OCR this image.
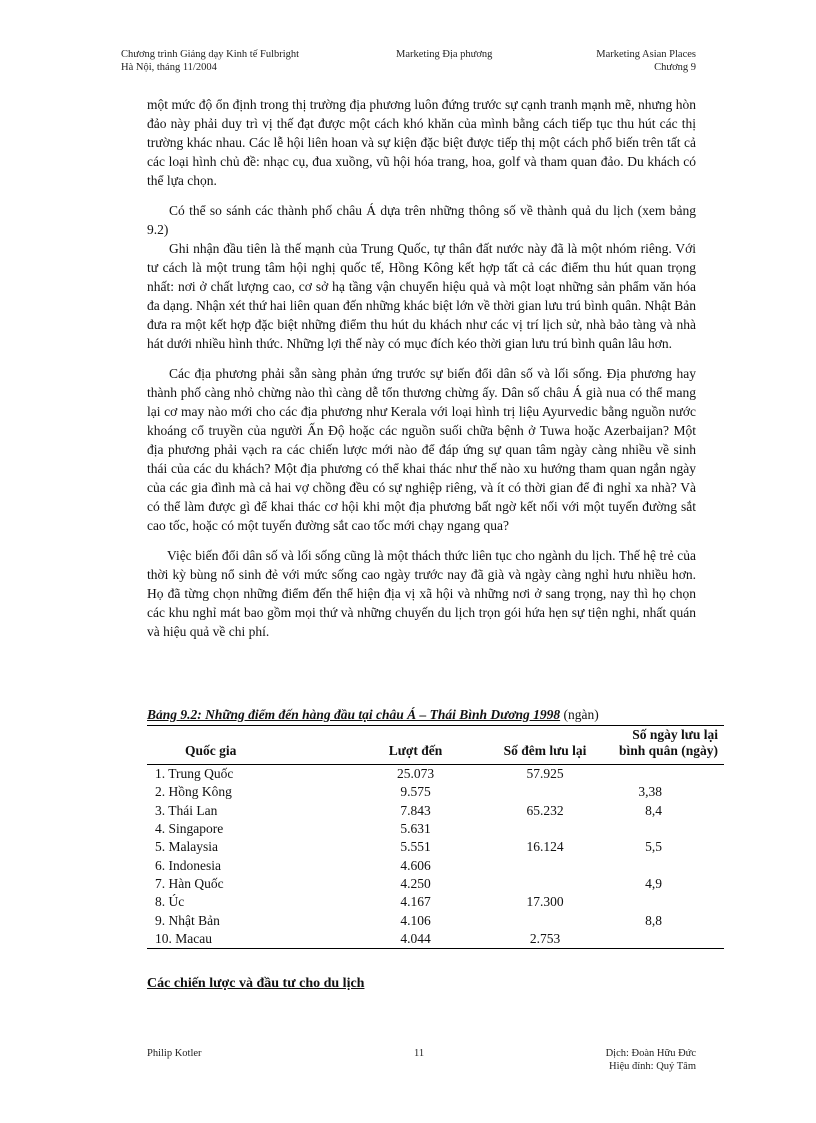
Chương trình Giảng dạy Kinh tế Fulbright
Hà Nội, tháng 11/2004
Marketing Địa phương	Marketing Asian Places
Chương 9

một mức độ ổn định trong thị trường địa phương luôn đứng trước sự cạnh tranh mạnh mẽ, nhưng hòn đảo này phải duy trì vị thế đạt được một cách khó khăn của mình bằng cách tiếp tục thu hút các thị trường khác nhau. Các lễ hội liên hoan và sự kiện đặc biệt được tiếp thị một cách phổ biến trên tất cả các loại hình chủ đề: nhạc cụ, đua xuồng, vũ hội hóa trang, hoa, golf và tham quan đảo. Du khách có thể lựa chọn.

Có thể so sánh các thành phố châu Á dựa trên những thông số về thành quả du lịch (xem bảng 9.2)

Ghi nhận đầu tiên là thế mạnh của Trung Quốc, tự thân đất nước này đã là một nhóm riêng. Với tư cách là một trung tâm hội nghị quốc tế, Hồng Kông kết hợp tất cả các điểm thu hút quan trọng nhất: nơi ở chất lượng cao, cơ sở hạ tầng vận chuyển hiệu quả và một loạt những sản phẩm văn hóa đa dạng. Nhận xét thứ hai liên quan đến những khác biệt lớn về thời gian lưu trú bình quân. Nhật Bản đưa ra một kết hợp đặc biệt những điểm thu hút du khách như các vị trí lịch sử, nhà bảo tàng và nhà hát dưới nhiều hình thức. Những lợi thế này có mục đích kéo thời gian lưu trú bình quân lâu hơn.

Các địa phương phải sẵn sàng phản ứng trước sự biến đổi dân số và lối sống. Địa phương hay thành phố càng nhỏ chừng nào thì càng dễ tổn thương chừng ấy. Dân số châu Á già nua có thể mang lại cơ may nào mới cho các địa phương như Kerala với loại hình trị liệu Ayurvedic bằng nguồn nước khoáng cổ truyền của người Ấn Độ hoặc các nguồn suối chữa bệnh ở Tuwa hoặc Azerbaijan? Một địa phương phải vạch ra các chiến lược mới nào để đáp ứng sự quan tâm ngày càng nhiều về sinh thái của các du khách? Một địa phương có thể khai thác như thế nào xu hướng tham quan ngắn ngày của các gia đình mà cả hai vợ chồng đều có sự nghiệp riêng, và ít có thời gian để đi nghỉ xa nhà? Và có thể làm được gì để khai thác cơ hội khi một địa phương bất ngờ kết nối với một tuyến đường sắt cao tốc, hoặc có một tuyến đường sắt cao tốc mới chạy ngang qua?

Việc biến đổi dân số và lối sống cũng là một thách thức liên tục cho ngành du lịch. Thế hệ trẻ của thời kỳ bùng nổ sinh đẻ với mức sống cao ngày trước nay đã già và ngày càng nghỉ hưu nhiều hơn. Họ đã từng chọn những điểm đến thể hiện địa vị xã hội và những nơi ở sang trọng, nay thì họ chọn các khu nghỉ mát bao gồm mọi thứ và những chuyến du lịch trọn gói hứa hẹn sự tiện nghi, nhất quán và hiệu quả về chi phí.

Bảng 9.2: Những điểm đến hàng đầu tại châu Á – Thái Bình Dương 1998 (ngàn)
Quốc gia	Lượt đến	Số đêm lưu lại	Số ngày lưu lại bình quân (ngày)
1. Trung Quốc	25.073	57.925	
2. Hồng Kông	9.575		3,38
3. Thái Lan	7.843	65.232	8,4
4. Singapore	5.631		
5. Malaysia	5.551	16.124	5,5
6. Indonesia	4.606		
7. Hàn Quốc	4.250		4,9
8. Úc	4.167	17.300	
9. Nhật Bản	4.106		8,8
10. Macau	4.044	2.753	
Các chiến lược và đầu tư cho du lịch
Philip Kotler	11	Dịch: Đoàn Hữu Đức
Hiệu đính: Quý Tâm
